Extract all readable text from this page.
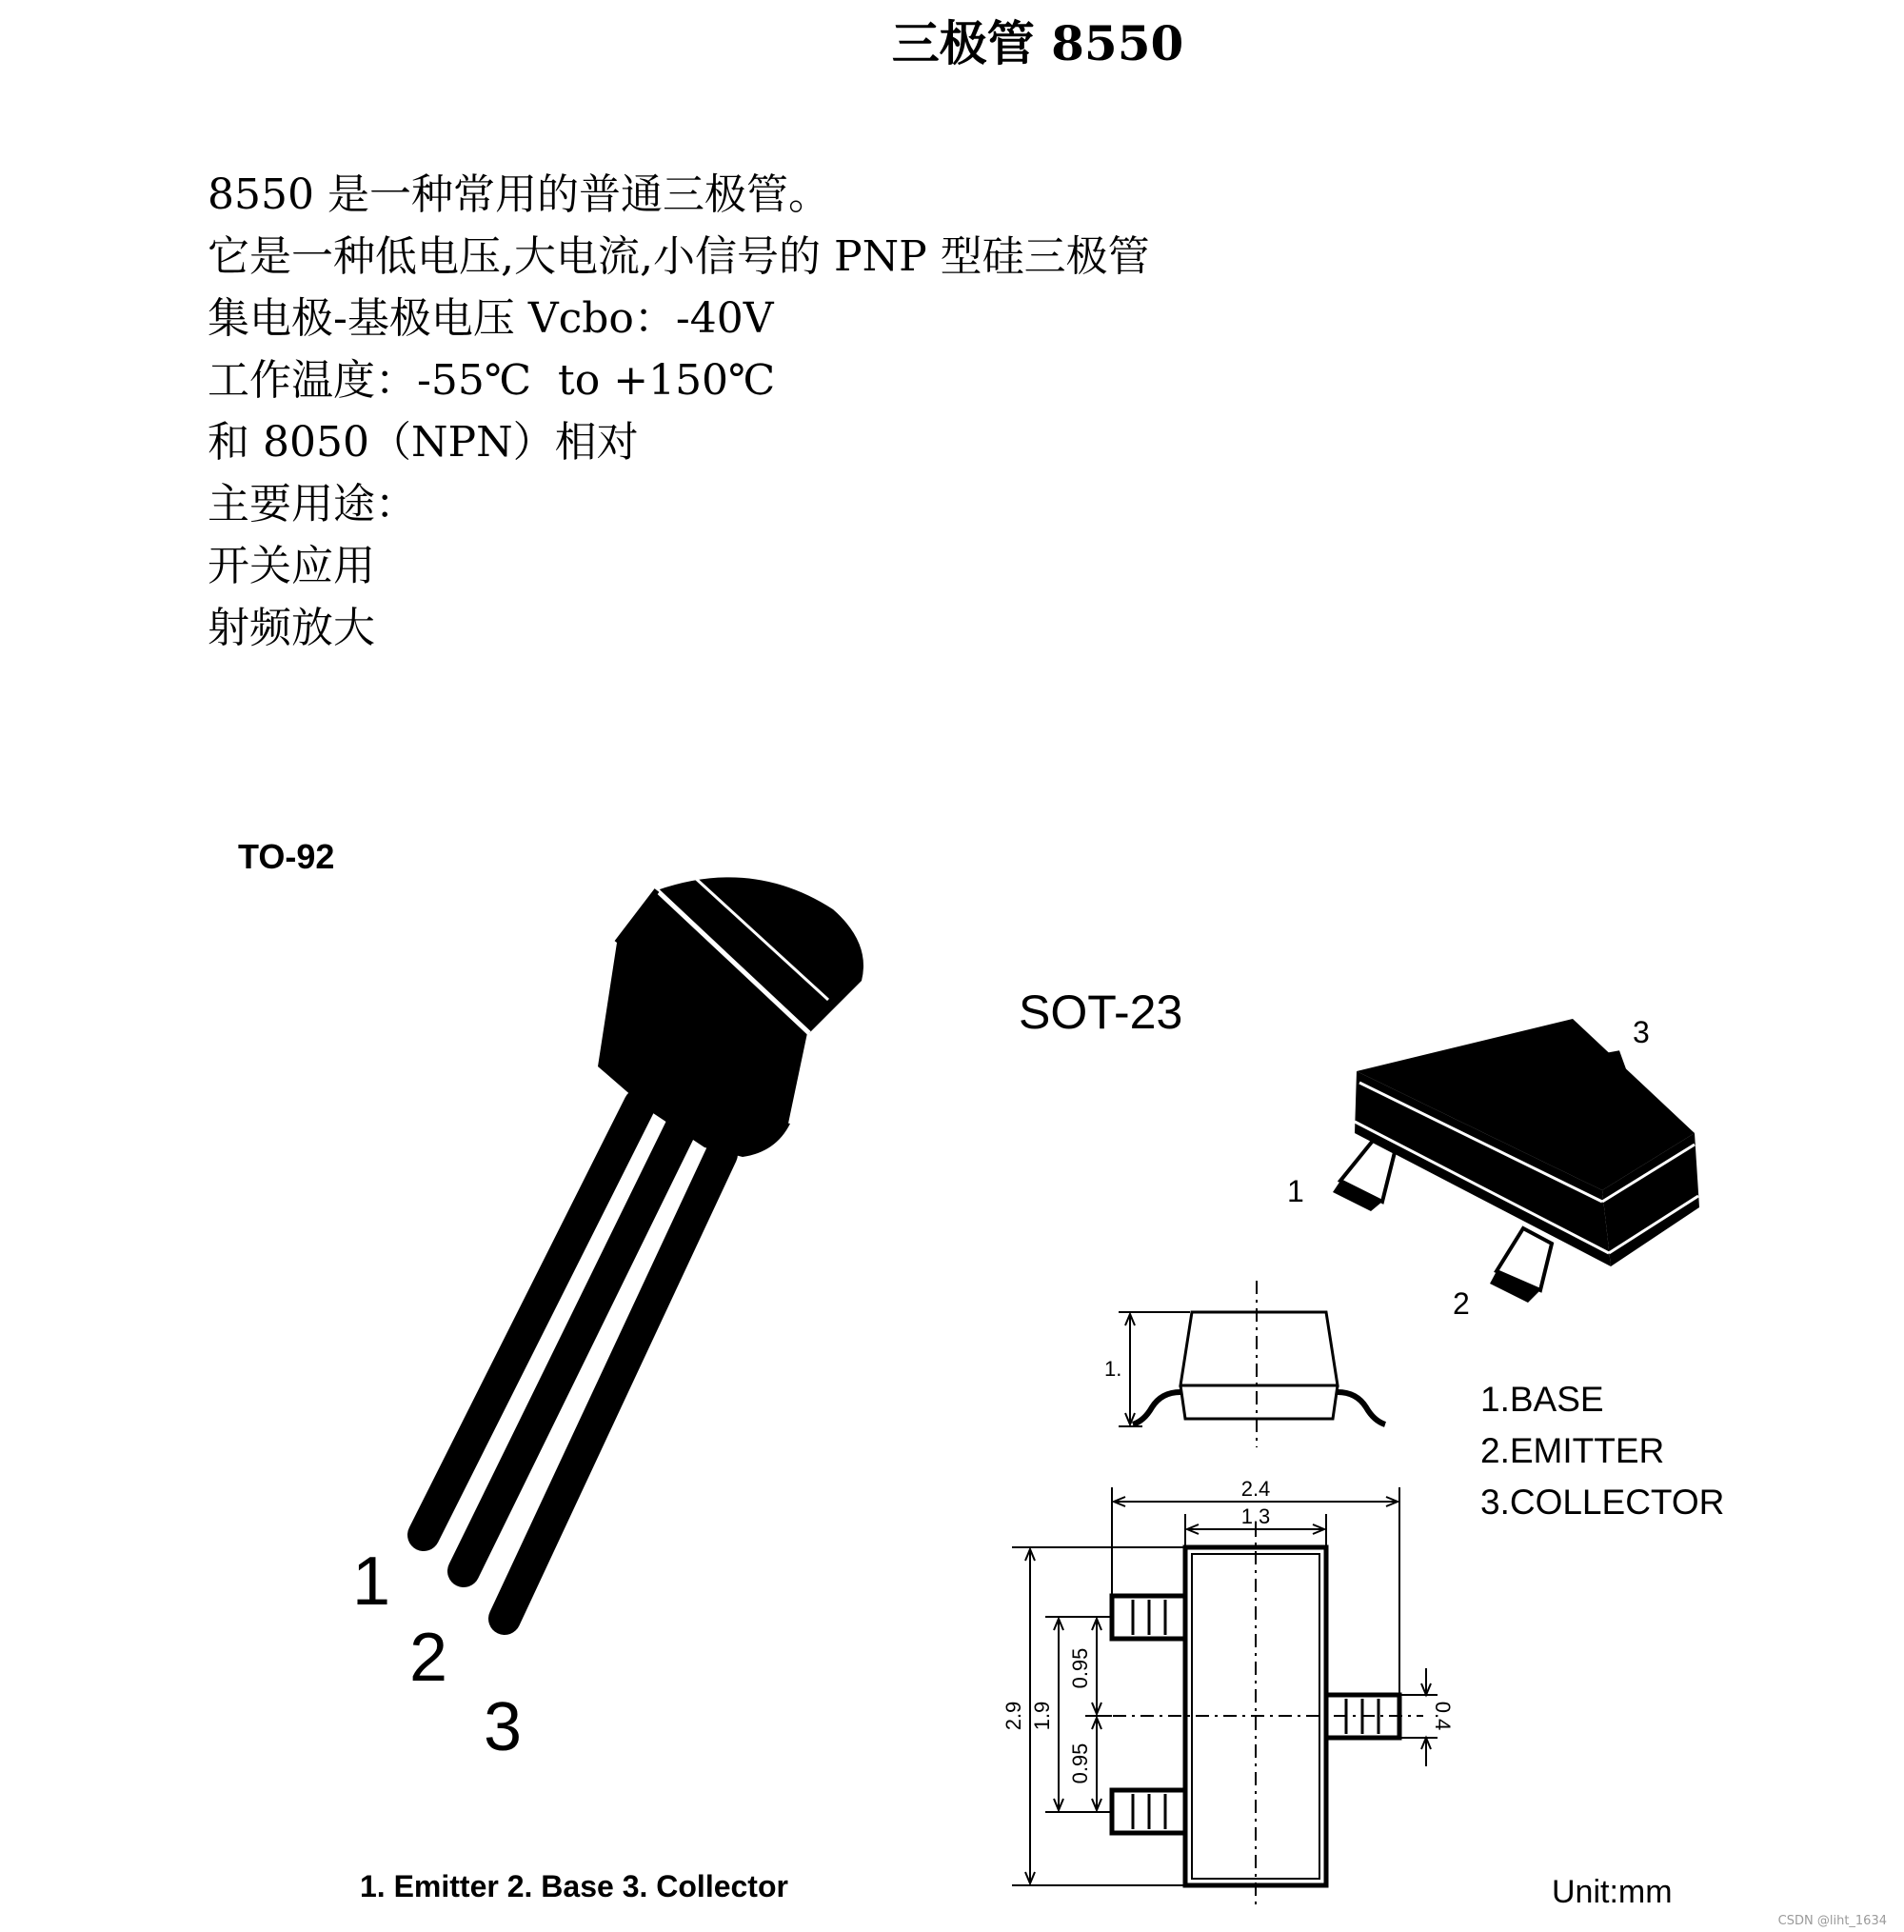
三极管 8550
8550 是一种常用的普通三极管。
它是一种低电压,大电流,小信号的 PNP 型硅三极管
集电极-基极电压 Vcbo：-40V
工作温度：-55℃  to +150℃
和 8050（NPN）相对
主要用途：
开关应用
射频放大
TO-92
1
2
3
1. Emitter 2. Base 3. Collector
SOT-23
1
2
3
1.
2.4
1.3
2.9 1.9
0.95
0.95
0.4
1.BASE
2.EMITTER
3.COLLECTOR
Unit:mm
CSDN @liht_1634
